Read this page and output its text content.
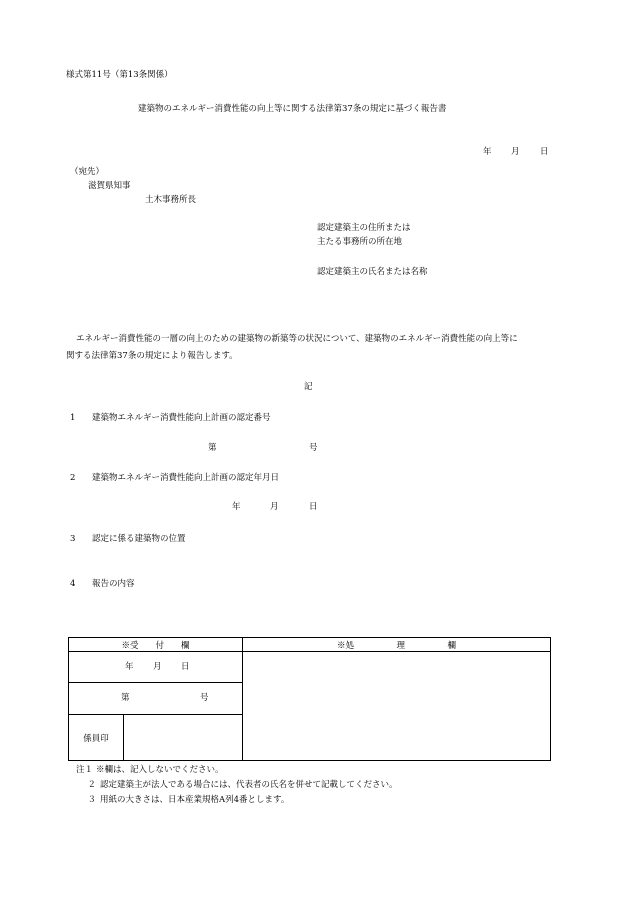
様式第11号（第13条関係）
建築物のエネルギー消費性能の向上等に関する法律第37条の規定に基づく報告書
年 月 日
（宛先）
滋賀県知事
土木事務所長
認定建築主の住所または
主たる事務所の所在地
認定建築主の氏名または名称
エネルギー消費性能の一層の向上のための建築物の新築等の状況について、建築物のエネルギー消費性能の向上等に
関する法律第37条の規定により報告します。
記
1 建築物エネルギー消費性能向上計画の認定番号
第	号
2 建築物エネルギー消費性能向上計画の認定年月日
年	月	日
3 認定に係る建築物の位置
4 報告の内容
※受　　付　　欄	※処　　　　　理　　　　　欄

年 月 日	

第 号	

係員印	
注１ ※欄は、記入しないでください。
２ 認定建築主が法人である場合には、代表者の氏名を併せて記載してください。
３ 用紙の大きさは、日本産業規格A列4番とします。
